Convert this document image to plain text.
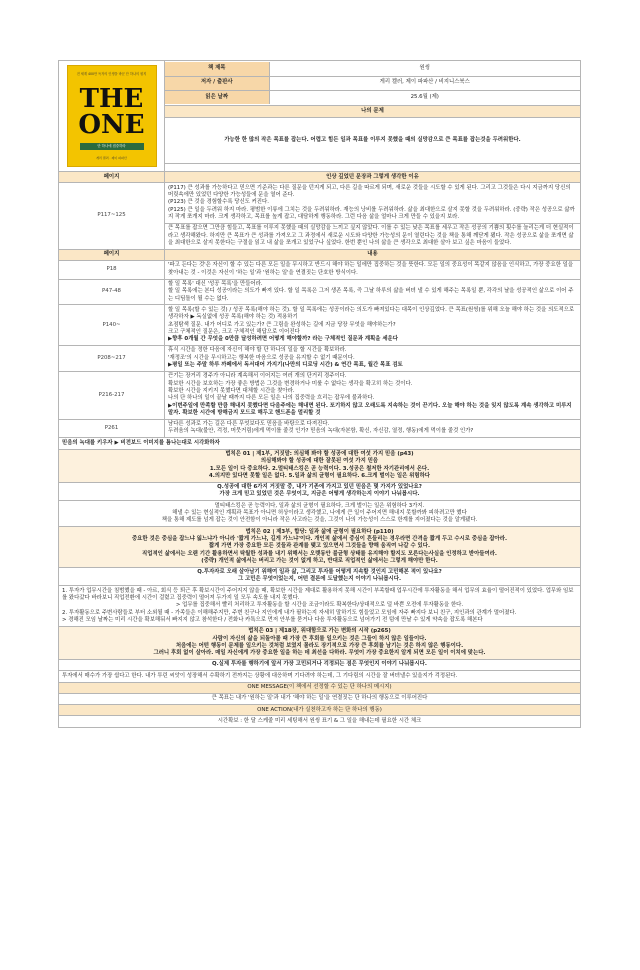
전 세계 400만 독자의 인생을 바꾼 단 하나의 원칙
THE ONE
단 하나에 집중하라
게리 켈러 · 제이 파파산

책 제목	원씽
저자 / 출판사	게리 켈러, 제이 파파산 / 비지니스북스
읽은 날짜	25.6월 (제)

나의 문제
가능한 한 많의 작은 목표를 잡는다. 어렵고 힘든 일과 목표를 이루지 못했을 때의 실망감으로 큰 목표를 잡는것을 두려워한다.

페이지	인상 깊었던 문장과 그렇게 생각한 이유
P117~125	
(P117) 큰 성과를 가능하다고 믿으면 기준과는 다른 질문을 던지게 되고, 다른 길을 따르게 되며, 새로운 것들을 시도할 수 있게 된다. 그리고 그것들은 다시 지금까지 당신의 머릿속에만 있었던 다양한 가능성들에 문을 열어 준다.
(P123) 큰 것을 경험할수록 당신도 커진다.
(P125) 큰 일을 두려워 하지 마라. 평범한 이류에 그치는 것을 두려워하라. 재능의 낭비를 두려워하라. 삶을 최대한으로 살지 못할 것을 두려워하라. (중략) 작은 성공으로 삶까지 작게 쪼개지 마라. 크게 생각하고, 목표를 높게 잡고, 대담하게 행동하라. 그런 다음 삶을 얼마나 크게 만들 수 있을지 보라.

큰 목표를 잡으면 그만큼 힘들고, 목표를 이루지 못했을 때의 실망감을 느끼고 싶지 않았다. 이를 수 있는 낮은 목표를 세우고 작은 성공의 기쁨의 횟수를 늘리는게 더 현실적이라고 생각해왔다. 하지만 큰 목표가 큰 성과를 가져오고 그 과정에서 새로운 시도와 다양한 가능성의 문이 열린다는 것을 책을 통해 깨닫게 됐다. 작은 성공으로 삶을 쪼개면 삶을 최대한으로 살지 못한다는 구절을 읽고 내 삶을 쪼개고 있었구나 싶었다. 한번 뿐인 나의 삶을 큰 생각으로 최대한 살아 보고 싶은 마음이 들었다.
페이지	내용
P18	
'파고 든다는 것'은 자신이 할 수 있는 다른 모든 일을 무시하고 반드시 해야 하는 일에만 집중하는 것을 뜻한다. 모든 일의 중요성이 똑같지 않음을 인식하고, 가장 중요한 일을 찾아내는 것 - 이것은 자신이 '하는 일'과 '원하는 일'을 연결짓는 단호한 방식이다.

P47-48	
할 일 목록' 대신 '성공 목록'을 만들어라.
할 일 목록에는 본디 성공이라는 의도가 빠져 있다. 할 일 목록은 그저 생존 목록, 즉 그날 하루의 삶을 버텨 낼 수 있게 해주는 목록일 뿐, 각각의 날을 성공적인 삶으로 이어 주는 디딤돌이 될 수는 없다.

P140~	
할 일 목록(할 수 있는 것) / 성공 목록(해야 하는 것). 할 일 목록에는 성공이라는 의도가 빠져있다는 대목이 인상깊었다. 큰 목표(원씽)를 위해 오늘 해야 하는 것을 의도적으로 생각하자 ▶ 독실없에 성공 목록(해야 하는 것) 적용하기
초점탐색 질문. 내가 어디로 가고 있는가? 큰 그림을 완성하는 길에 지금 당장 무엇을 해야하는가?
크고 구체적인 질문은, 크고 구체적인 해답으로 이어진다
▶향후 0개월 간 무엇을 0만큼 달성하려면 어떻게 해야할까? 라는 구체적인 질문과 계획을 세운다

P208~217	
휴식 시간을 정한 다음에 자신이 해야 할 단 하나의 일을 할 시간을 확보하라.
'재정조'의 시간을 무시하고는 행복한 마음으로 성공을 유지할 수 없기 때문이다.
▶평일 또는 주말 하루 까페에서 독서대어 가지기(나만의 디로딩 시간) & 연간 목표, 월간 목표 검토

P216-217	
끈기는 장거리 경주가 아니라 계속해서 이어지는 여러 개의 단거리 경주이다.
확보한 시간을 보호하는 가장 좋은 방법은 그것을 변경하거나 미룰 수 없다는 생각을 확고히 하는 것이다.
확보한 시간을 지키지 못했다면 대체할 시간을 찾아라.
나의 단 하나의 일이 끝날 때까지 다른 모든 일은 나의 집중력을 흐리는 잡무에 불과하다.
▶이번주일에 만족할 만큼 해내지 못했다면 다음주에는 해내면 된다. 포기하지 않고 오래도록 지속하는 것이 끈기다. 오늘 해야 하는 것을 잊지 않도록 계속 생각하고 미루지 말자. 확보한 시간에 방해금지 모드로 해두고 핸드폰을 멀리할 것

P261	
남다른 성과로 가는 길은 다른 무엇보다도 믿음을 바탕으로 다져진다.
두려움의 녹대(불안, 걱정, 머뭇거림)에게 먹이를 줄것 인가? 믿음의 녹대(자본함, 확신, 자신감, 열정, 행동)에게 먹이를 줄것 인가?

믿음의 녹대를 키우자 ▶ 비전보드 이미지를 틈나는대로 시각화하자

법칙은 01 | 제1부, 거짓말: 의심해 봐야 할 성공에 대한 여섯 가지 믿음 (p43)
의심해봐야 할 성공에 대한 잘못된 여섯 가지 믿음
1.모든 일이 다 중요하다. 2.멀티태스킹은 곧 능력이다. 3.성공은 철저한 자기관리에서 온다.
4.의지만 있다면 못할 일은 없다. 5.일과 삶의 균형이 필요하다. 6.크게 벌이는 일은 위험하다

Q.성공에 대한 6가지 거짓말 중, 내가 기존에 가지고 있던 믿음은 몇 가지가 있었나요?
가장 크게 믿고 있었던 것은 무엇이고, 지금은 어떻게 생각하는지 이야기 나눠봅시다.

멀티태스킹은 곧 능력이다, 일과 삶의 균형이 필요하다, 크게 벌이는 일은 위험하다 3가지.
해낼 수 있는 현실적인 계획과 목표가 아니면 허상이라고 생각했고, 나에게 큰 일이 주어지면 해내지 못할까봐 피하려고만 했다
책을 통해 제도를 넘게 잡는 것이 안전함이 아니라 작은 사고라는 것을, 그것이 나의 가능성이 스스로 한계를 지어졌다는 것을 알게됐다.

법칙은 02 | 제3부, 합당: 일과 삶에 균형이 필요하다 (p110)
중요한 것은 중심을 잡느냐 잃느냐가 아니라 '짧게 가느냐, 길게 가느냐'이다. 개인적 삶에서 중심이 흔들리는 경우라면 간격을 짧게 두고 수시로 중심을 잡아라.
짧게 가면 가장 중요한 모든 것들과 관계를 맺고 있으면서 그것들을 향해 움직여 나갈 수 있다.
직업적인 삶에서는 오랜 기간 활용하면서 탁월한 성과를 내기 위해서는 오랫동안 불균형 상태를 유지해야 할지도 모른다는사실을 인정하고 받아들여라.
(중략) 개인적 삶에서는 버리고 가는 것이 없게 하고, 반대로 직업적인 삶에서는 그렇게 해야만 한다.

Q.투자자로 오래 살아남기 위해여 일과 삶, 그리고 투자를 어떻게 지속할 것인지 고민해본 적이 있나요?
그 고민은 무엇이었는지, 어떤 결론에 도달했는지 이야기 나눠봅시다.

1. 투자가 업무시간을 침범했을 때 - 아르, 회식 등 퇴근 후 확보시간이 주어지지 않을 때, 확보한 시간을 제대로 활용하지 못해 시간이 부족할때 업무시간에 투자활동을 해서 업무의 효율이 떨어진적이 있었다. 업무와 임보를 왔다갔다 바라보니 직업전환에 시간이 걸렸고 집중력이 떨어져 두가지 일 모두 속도를 내지 못했다.
> 업무를 집중해서 빨리 처리하고 투자활동을 할 시간을 조금이라도 확복한다/상대적으로 덜 바쁜 오전에 투자활동을 한다.
2. 투자활동으로 주변사람들로 부터 소외될 때 - 가족들은 이해해주지만, 주변 친구나 지인에게 내가 필하는지 자세히 말하기도 힘들었고 모임에 자주 빠지다 보니 친구, 지인과의 관계가 멀어졌다.
> 경해진 모임 날짜는 미리 시간을 확보해둬서 빠지지 않고 참석한다 / 전화나 카톡으로 먼저 안부를 묻거나 다음 투자활동으로 넘어가기 전 텀에 만날 수 있게 약속을 잡도록 해본다

법칙은 03 | 제18장, 위대함으로 가는 변화의 시작 (p265)
사람이 자신의 삶을 되돌아볼 때 가장 큰 후회를 일으키는 것은 그들이 하지 않은 일들이다.
처음에는 어떤 행동이 문제를 일으키는 것처럼 보였지 몰라도 장기적으로 가장 큰 후회를 남기는 것은 하지 않은 행동이다.
그러니 후회 없이 살아라. 매일 자신에게 가장 중요한 일을 하는 데 최선을 다하라. 무엇이 가장 중요한지 알게 되면 모든 일이 이치에 맞는다.

Q.실제 투자를 행하기에 앞서 가장 고민되거나 걱정되는 점은 무엇인지 이야기 나눠봅시다.
투자에서 매수가 가장 쉽다고 한다. 내가 투린 씨앗이 성장해서 수확하기 전까지는 상황에 대응하며 기다려야 하는데, 그 기다림의 시간을 잘 버텨낼수 있을지가 걱정된다.
ONE MESSAGE(이 책에서 선정할 수 있는 단 하나의 메시지)
큰 목표는 내가 '원하는 일'과 내가 '해야 하는 일'을 연결짓는 단 하나의 행동으로 이루어진다
ONE ACTION(내가 실천하고자 하는 단 하나의 행동)
시간확보 : 한 달 스케줄 미리 세팅해서 원씽 표기 & 그 일을 해내는데 필요한 시간 체크
